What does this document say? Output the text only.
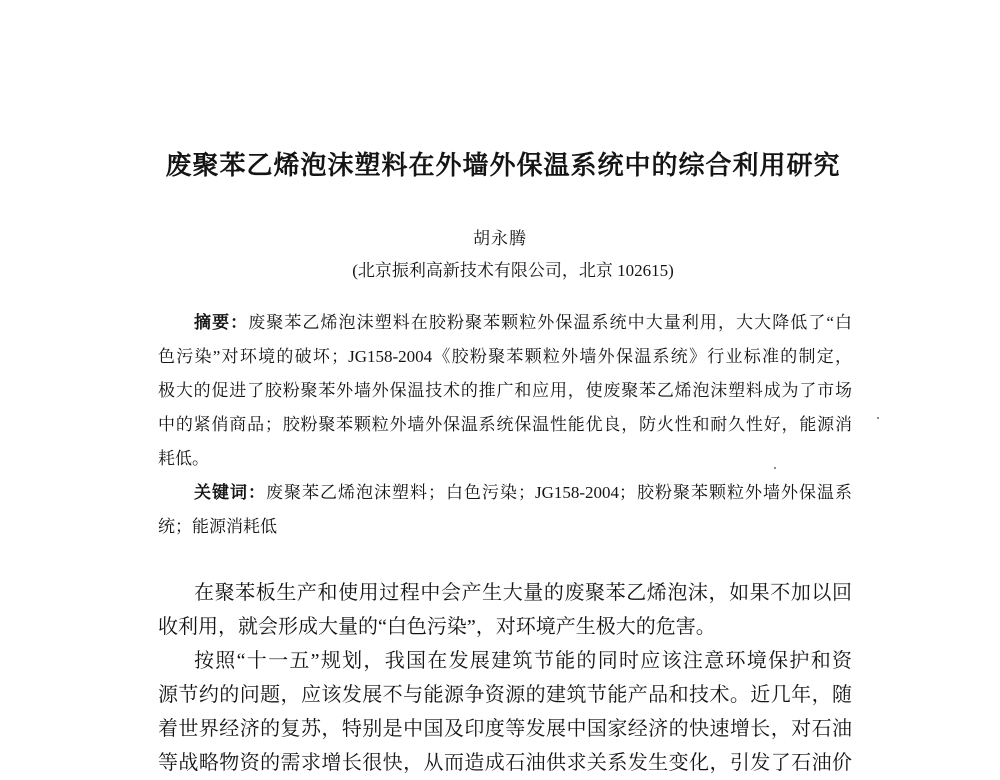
废聚苯乙烯泡沫塑料在外墙外保温系统中的综合利用研究
胡永腾
(北京振利高新技术有限公司，北京 102615)
摘要：废聚苯乙烯泡沫塑料在胶粉聚苯颗粒外保温系统中大量利用，大大降低了“白
色污染”对环境的破坏；JG158-2004《胶粉聚苯颗粒外墙外保温系统》行业标准的制定，
极大的促进了胶粉聚苯外墙外保温技术的推广和应用，使废聚苯乙烯泡沫塑料成为了市场
中的紧俏商品；胶粉聚苯颗粒外墙外保温系统保温性能优良，防火性和耐久性好，能源消
耗低。
关键词：废聚苯乙烯泡沫塑料；白色污染；JG158-2004；胶粉聚苯颗粒外墙外保温系
统；能源消耗低
在聚苯板生产和使用过程中会产生大量的废聚苯乙烯泡沫，如果不加以回
收利用，就会形成大量的“白色污染”，对环境产生极大的危害。
按照“十一五”规划，我国在发展建筑节能的同时应该注意环境保护和资
源节约的问题，应该发展不与能源争资源的建筑节能产品和技术。近几年，随
着世界经济的复苏，特别是中国及印度等发展中国家经济的快速增长，对石油
等战略物资的需求增长很快，从而造成石油供求关系发生变化，引发了石油价
